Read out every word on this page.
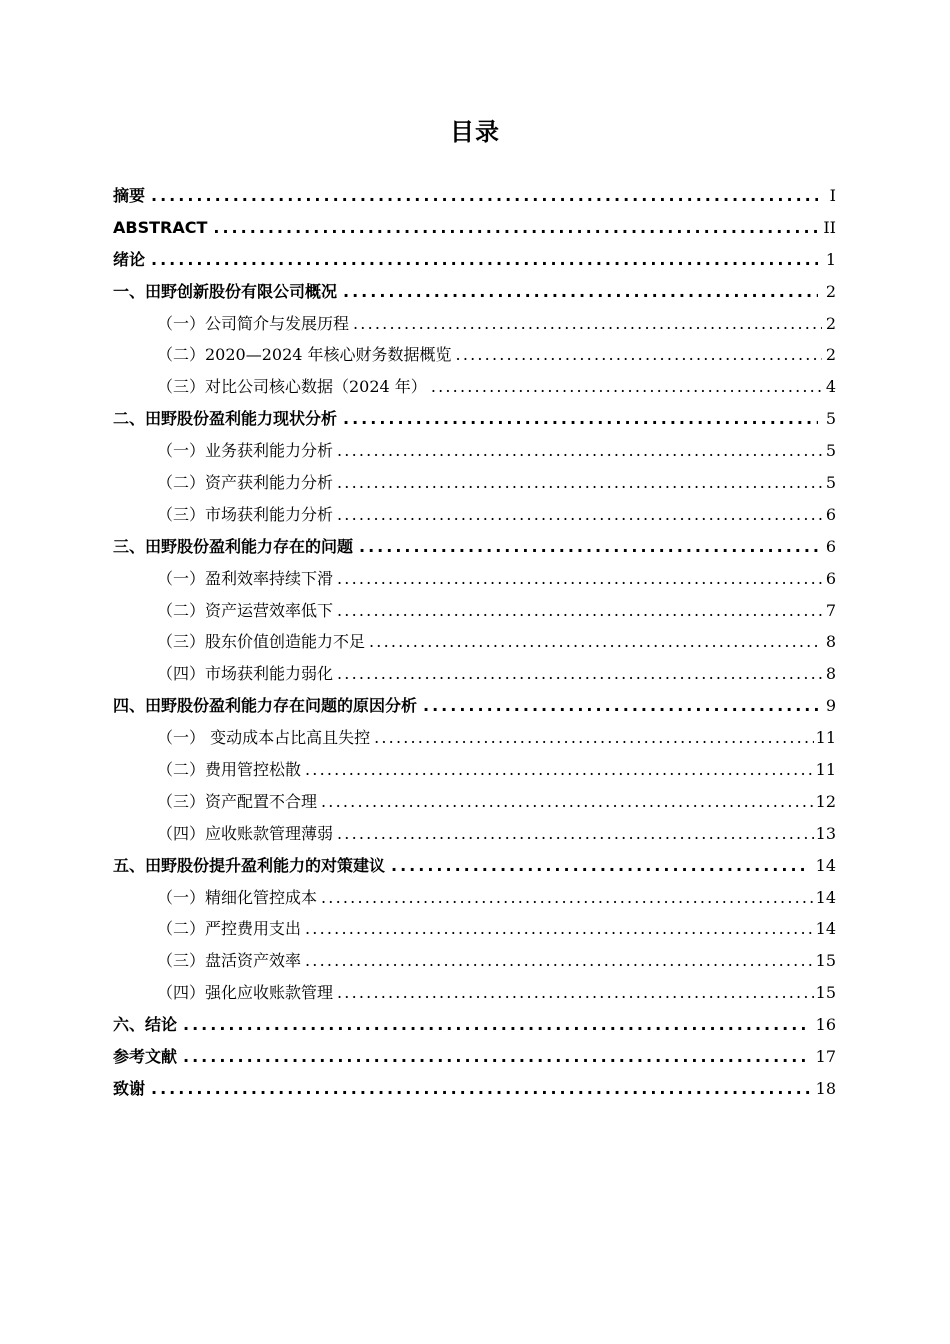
目录
摘要 .....	I
ABSTRACT .....	II
绪论 .....	1
一、田野创新股份有限公司概况 .....	2
（一）公司简介与发展历程 .....	2
（二）2020—2024 年核心财务数据概览 .....	2
（三）对比公司核心数据（2024 年） .....	4
二、田野股份盈利能力现状分析 .....	5
（一）业务获利能力分析 .....	5
（二）资产获利能力分析 .....	5
（三）市场获利能力分析 .....	6
三、田野股份盈利能力存在的问题 .....	6
（一）盈利效率持续下滑 .....	6
（二）资产运营效率低下 .....	7
（三）股东价值创造能力不足 .....	8
（四）市场获利能力弱化 .....	8
四、田野股份盈利能力存在问题的原因分析 .....	9
（一） 变动成本占比高且失控 .....	11
（二）费用管控松散 .....	11
（三）资产配置不合理 .....	12
（四）应收账款管理薄弱 .....	13
五、田野股份提升盈利能力的对策建议 .....	14
（一）精细化管控成本 .....	14
（二）严控费用支出 .....	14
（三）盘活资产效率 .....	15
（四）强化应收账款管理 .....	15
六、结论 .....	16
参考文献 .....	17
致谢 .....	18
